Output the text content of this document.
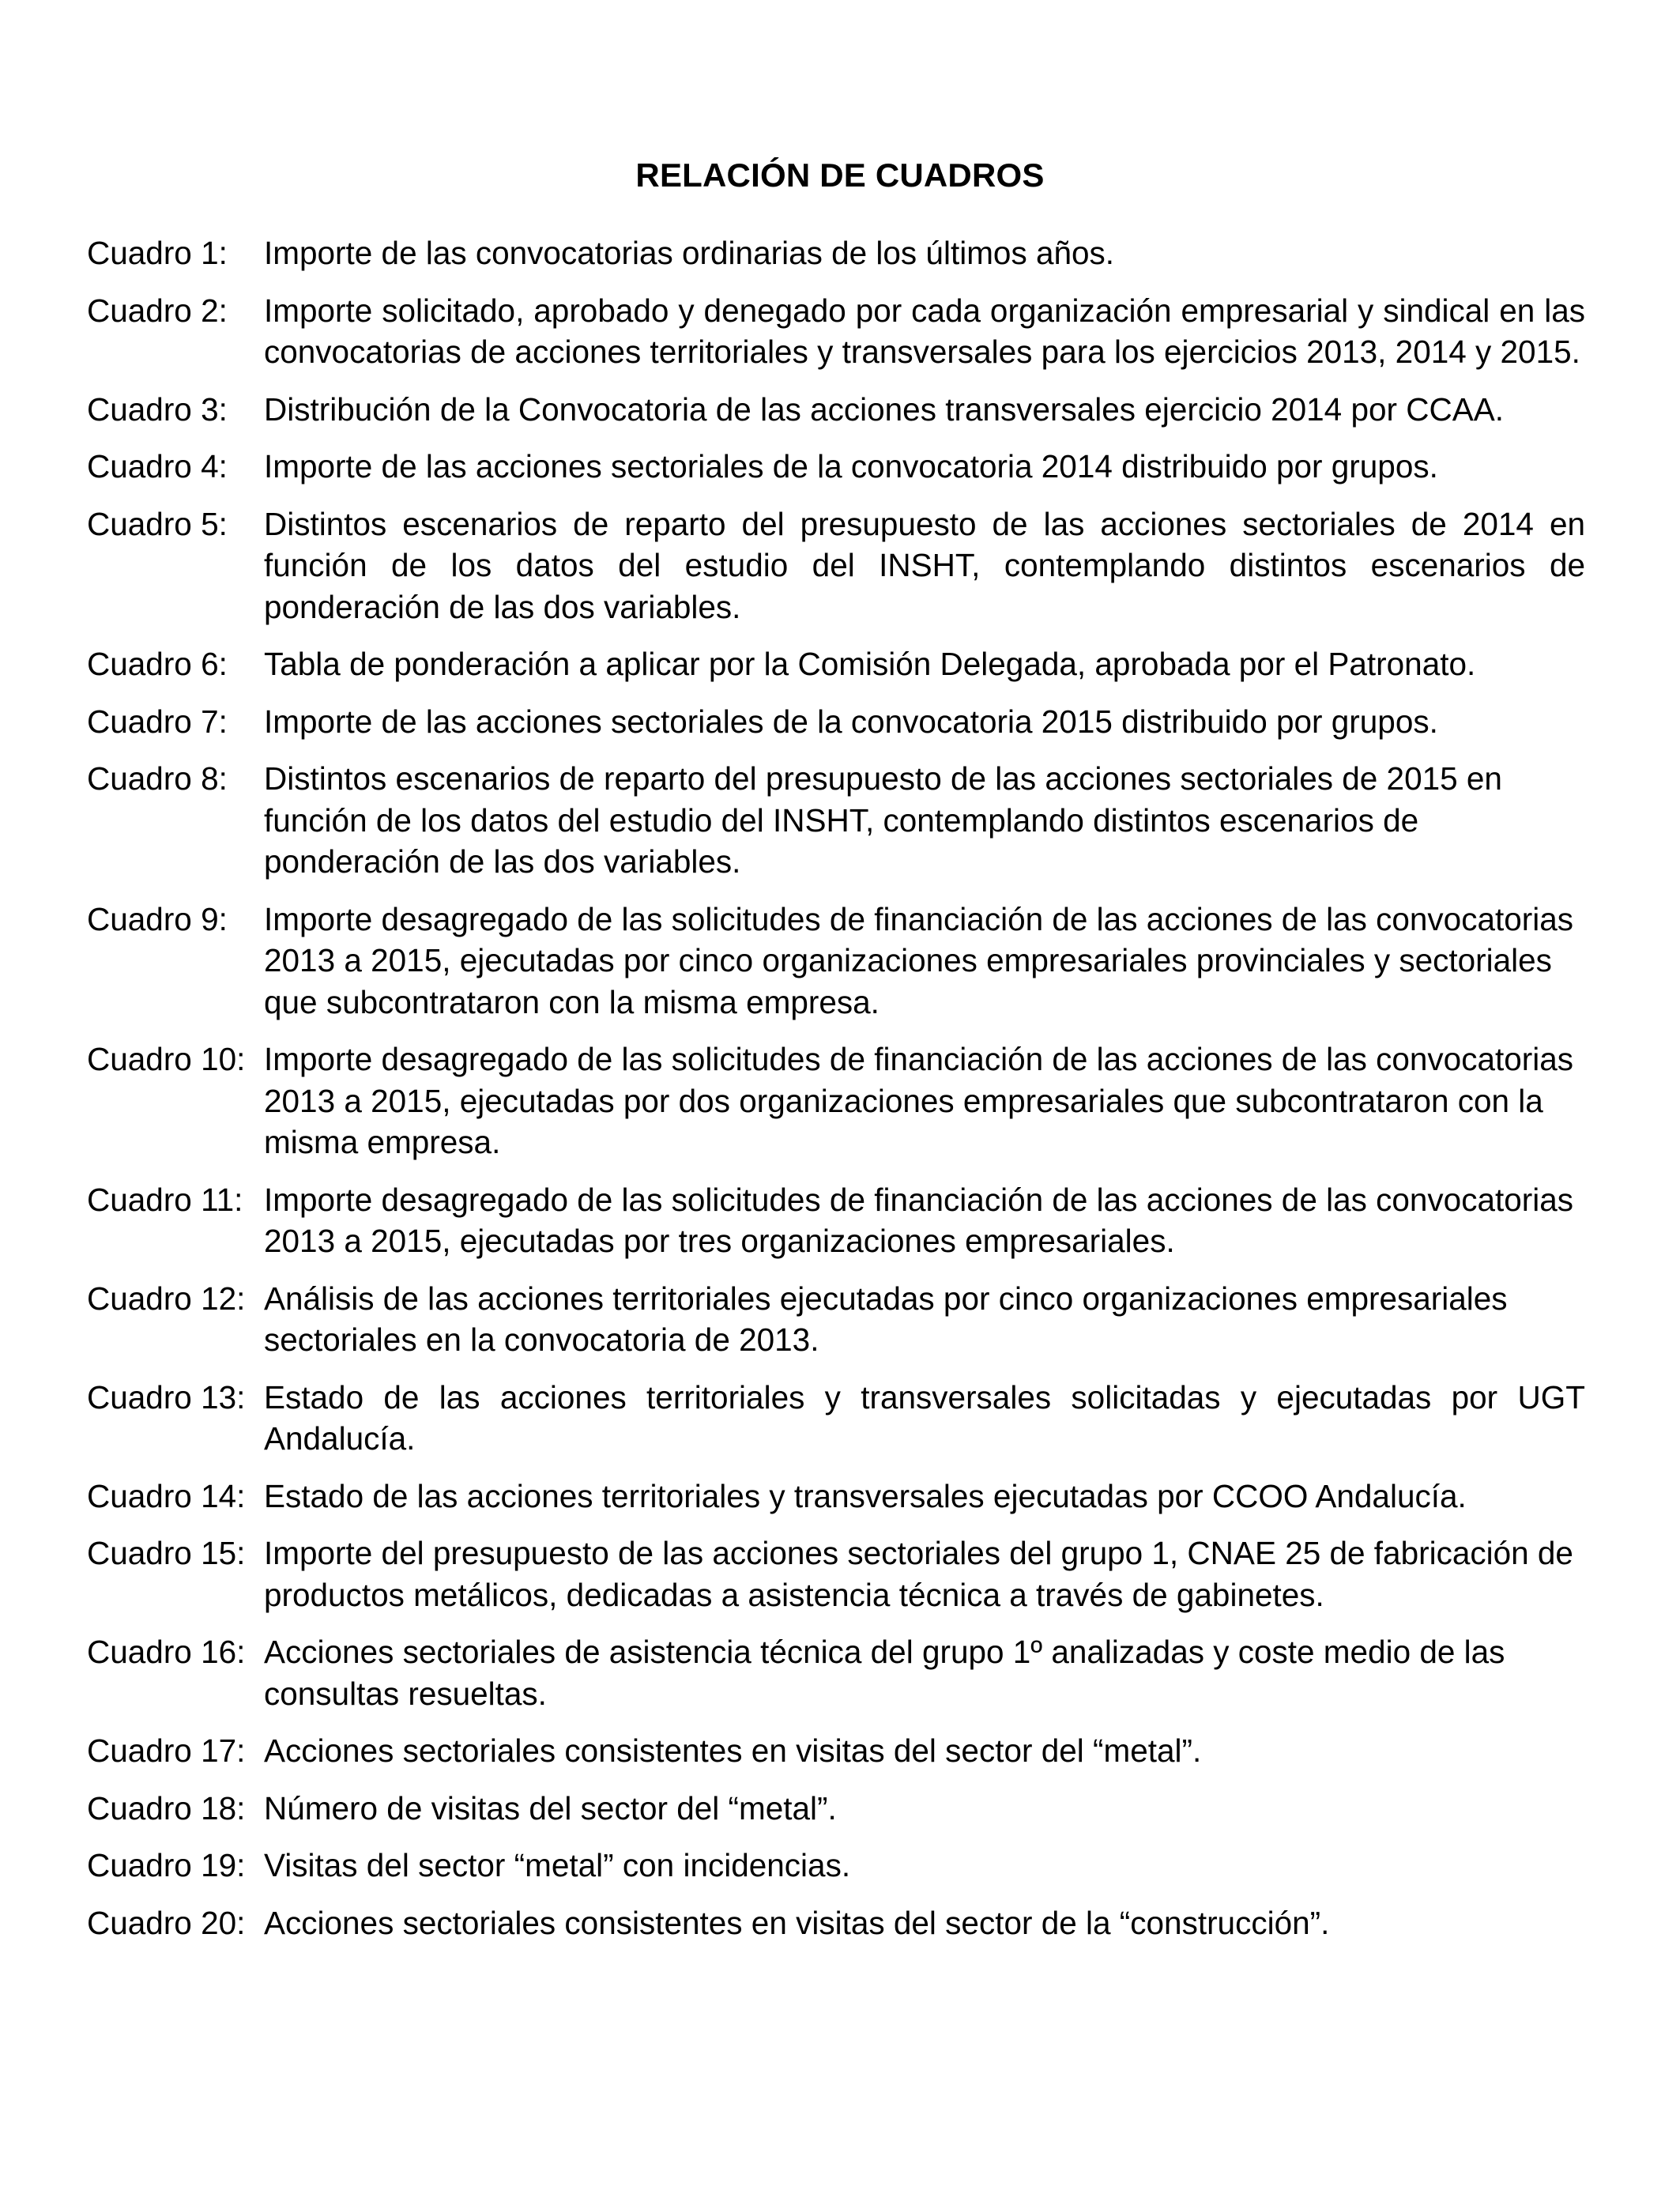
RELACIÓN DE CUADROS
Cuadro 1:	Importe de las convocatorias ordinarias de los últimos años.
Cuadro 2:	Importe solicitado, aprobado y denegado por cada organización empresarial y sindical en las convocatorias de acciones territoriales y transversales para los ejercicios 2013, 2014 y 2015.
Cuadro 3:	Distribución de la Convocatoria de las acciones transversales ejercicio 2014 por CCAA.
Cuadro 4:	Importe de las acciones sectoriales de la convocatoria 2014 distribuido por grupos.
Cuadro 5:	Distintos escenarios de reparto del presupuesto de las acciones sectoriales de 2014 en función de los datos del estudio del INSHT, contemplando distintos escenarios de ponderación de las dos variables.
Cuadro 6:	Tabla de ponderación a aplicar por la Comisión Delegada, aprobada por el Patronato.
Cuadro 7:	Importe de las acciones sectoriales de la convocatoria 2015 distribuido por grupos.
Cuadro 8:	Distintos escenarios de reparto del presupuesto de las acciones sectoriales de 2015 en función de los datos del estudio del INSHT, contemplando distintos escenarios de ponderación de las dos variables.
Cuadro 9:	Importe desagregado de las solicitudes de financiación de las acciones de las convocatorias 2013 a 2015, ejecutadas por cinco organizaciones empresariales provinciales y sectoriales que subcontrataron con la misma empresa.
Cuadro 10: Importe desagregado de las solicitudes de financiación de las acciones de las convocatorias 2013 a 2015, ejecutadas por dos organizaciones empresariales que subcontrataron con la misma empresa.
Cuadro 11: Importe desagregado de las solicitudes de financiación de las acciones de las convocatorias 2013 a 2015, ejecutadas por tres organizaciones empresariales.
Cuadro 12: Análisis de las acciones territoriales ejecutadas por cinco organizaciones empresariales sectoriales en la convocatoria de 2013.
Cuadro 13: Estado de las acciones territoriales y transversales solicitadas y ejecutadas por UGT Andalucía.
Cuadro 14: Estado de las acciones territoriales y transversales ejecutadas por CCOO Andalucía.
Cuadro 15: Importe del presupuesto de las acciones sectoriales del grupo 1, CNAE 25 de fabricación de productos metálicos, dedicadas a asistencia técnica a través de gabinetes.
Cuadro 16: Acciones sectoriales de asistencia técnica del grupo 1º analizadas y coste medio de las consultas resueltas.
Cuadro 17: Acciones sectoriales consistentes en visitas del sector del “metal”.
Cuadro 18: Número de visitas del sector del “metal”.
Cuadro 19: Visitas del sector “metal” con incidencias.
Cuadro 20: Acciones sectoriales consistentes en visitas del sector de la “construcción”.
